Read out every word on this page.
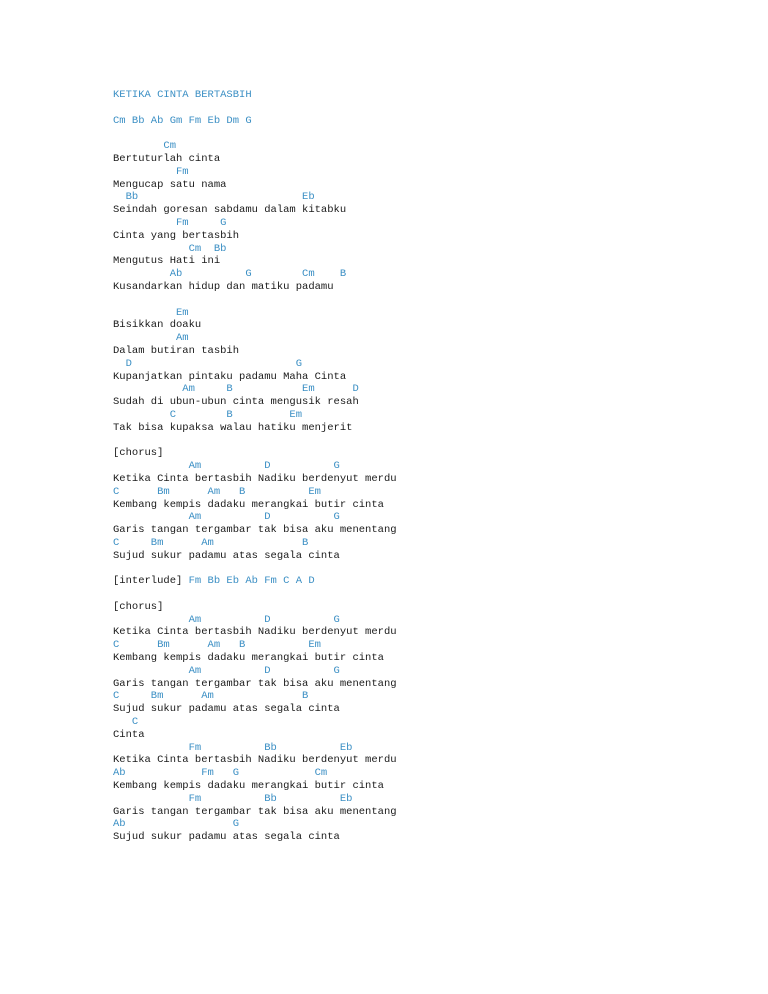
KETIKA CINTA BERTASBIH
Cm Bb Ab Gm Fm Eb Dm G
Cm
Bertuturlah cinta
Fm
Mengucap satu nama
Bb                          Eb
Seindah goresan sabdamu dalam kitabku
Fm     G
Cinta yang bertasbih
Cm  Bb
Mengutus Hati ini
Ab          G        Cm    B
Kusandarkan hidup dan matiku padamu
Em
Bisikkan doaku
Am
Dalam butiran tasbih
D                          G
Kupanjatkan pintaku padamu Maha Cinta
Am     B           Em      D
Sudah di ubun-ubun cinta mengusik resah
C        B         Em
Tak bisa kupaksa walau hatiku menjerit
[chorus]
Am          D          G
Ketika Cinta bertasbih Nadiku berdenyut merdu
C      Bm      Am   B          Em
Kembang kempis dadaku merangkai butir cinta
Am          D          G
Garis tangan tergambar tak bisa aku menentang
C     Bm      Am              B
Sujud sukur padamu atas segala cinta
[interlude] Fm Bb Eb Ab Fm C A D
[chorus]
Am          D          G
Ketika Cinta bertasbih Nadiku berdenyut merdu
C      Bm      Am   B          Em
Kembang kempis dadaku merangkai butir cinta
Am          D          G
Garis tangan tergambar tak bisa aku menentang
C     Bm      Am              B
Sujud sukur padamu atas segala cinta
C
Cinta
Fm          Bb          Eb
Ketika Cinta bertasbih Nadiku berdenyut merdu
Ab            Fm   G            Cm
Kembang kempis dadaku merangkai butir cinta
Fm          Bb          Eb
Garis tangan tergambar tak bisa aku menentang
Ab                 G
Sujud sukur padamu atas segala cinta
